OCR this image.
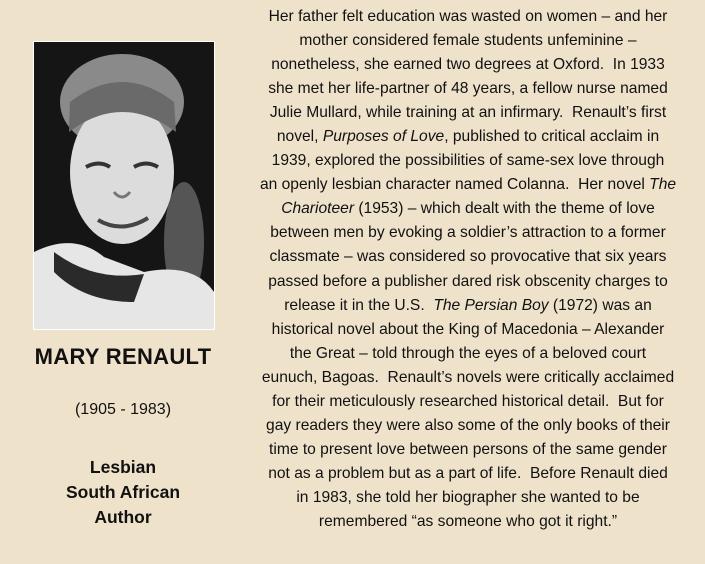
MARY RENAULT
(1905 - 1983)
Lesbian
South African
Author
Her father felt education was wasted on women – and her
mother considered female students unfeminine –
nonetheless, she earned two degrees at Oxford.  In 1933
she met her life-partner of 48 years, a fellow nurse named
Julie Mullard, while training at an infirmary.  Renault’s first
novel, Purposes of Love, published to critical acclaim in
1939, explored the possibilities of same-sex love through
an openly lesbian character named Colanna.  Her novel The
Charioteer (1953) – which dealt with the theme of love
between men by evoking a soldier’s attraction to a former
classmate – was considered so provocative that six years
passed before a publisher dared risk obscenity charges to
release it in the U.S.  The Persian Boy (1972) was an
historical novel about the King of Macedonia – Alexander
the Great – told through the eyes of a beloved court
eunuch, Bagoas.  Renault’s novels were critically acclaimed
for their meticulously researched historical detail.  But for
gay readers they were also some of the only books of their
time to present love between persons of the same gender
not as a problem but as a part of life.  Before Renault died
in 1983, she told her biographer she wanted to be
remembered “as someone who got it right.”
